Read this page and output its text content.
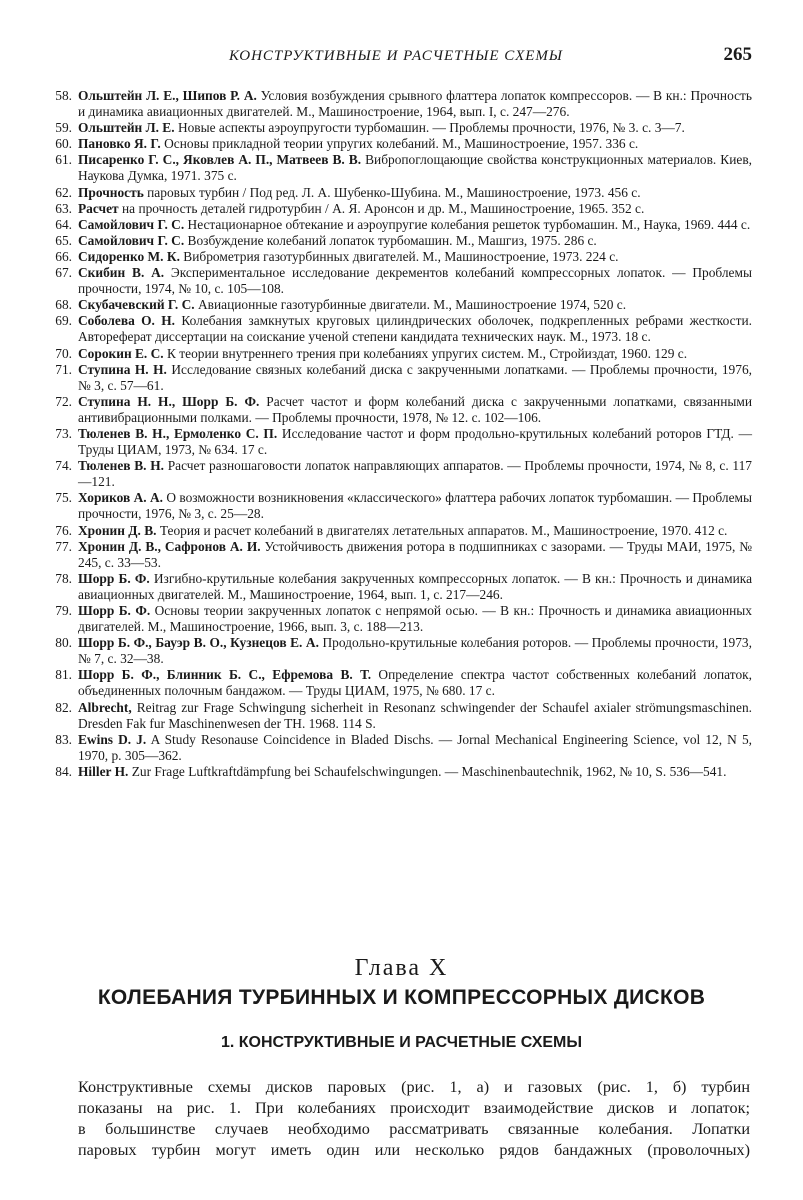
КОНСТРУКТИВНЫЕ И РАСЧЕТНЫЕ СХЕМЫ	265
58. Ольштейн Л. Е., Шипов Р. А. Условия возбуждения срывного флаттера лопаток компрессоров. — В кн.: Прочность и динамика авиационных двигателей. М., Машиностроение, 1964, вып. I, с. 247—276.
59. Ольштейн Л. Е. Новые аспекты аэроупругости турбомашин. — Проблемы прочности, 1976, № 3. с. 3—7.
60. Пановко Я. Г. Основы прикладной теории упругих колебаний. М., Машиностроение, 1957. 336 с.
61. Писаренко Г. С., Яковлев А. П., Матвеев В. В. Вибропоглощающие свойства конструкционных материалов. Киев, Наукова Думка, 1971. 375 с.
62. Прочность паровых турбин / Под ред. Л. А. Шубенко-Шубина. М., Машиностроение, 1973. 456 с.
63. Расчет на прочность деталей гидротурбин / А. Я. Аронсон и др. М., Машиностроение, 1965. 352 с.
64. Самойлович Г. С. Нестационарное обтекание и аэроупругие колебания решеток турбомашин. М., Наука, 1969. 444 с.
65. Самойлович Г. С. Возбуждение колебаний лопаток турбомашин. М., Машгиз, 1975. 286 с.
66. Сидоренко М. К. Виброметрия газотурбинных двигателей. М., Машиностроение, 1973. 224 с.
67. Скибин В. А. Экспериментальное исследование декрементов колебаний компрессорных лопаток. — Проблемы прочности, 1974, № 10, с. 105—108.
68. Скубачевский Г. С. Авиационные газотурбинные двигатели. М., Машиностроение 1974, 520 с.
69. Соболева О. Н. Колебания замкнутых круговых цилиндрических оболочек, подкрепленных ребрами жесткости. Автореферат диссертации на соискание ученой степени кандидата технических наук. М., 1973. 18 с.
70. Сорокин Е. С. К теории внутреннего трения при колебаниях упругих систем. М., Стройиздат, 1960. 129 с.
71. Ступина Н. Н. Исследование связных колебаний диска с закрученными лопатками. — Проблемы прочности, 1976, № 3, с. 57—61.
72. Ступина Н. Н., Шорр Б. Ф. Расчет частот и форм колебаний диска с закрученными лопатками, связанными антивибрационными полками. — Проблемы прочности, 1978, № 12. с. 102—106.
73. Тюленев В. Н., Ермоленко С. П. Исследование частот и форм продольно-крутильных колебаний роторов ГТД. — Труды ЦИАМ, 1973, № 634. 17 с.
74. Тюленев В. Н. Расчет разношаговости лопаток направляющих аппаратов. — Проблемы прочности, 1974, № 8, с. 117—121.
75. Хориков А. А. О возможности возникновения «классического» флаттера рабочих лопаток турбомашин. — Проблемы прочности, 1976, № 3, с. 25—28.
76. Хронин Д. В. Теория и расчет колебаний в двигателях летательных аппаратов. М., Машиностроение, 1970. 412 с.
77. Хронин Д. В., Сафронов А. И. Устойчивость движения ротора в подшипниках с зазорами. — Труды МАИ, 1975, № 245, с. 33—53.
78. Шорр Б. Ф. Изгибно-крутильные колебания закрученных компрессорных лопаток. — В кн.: Прочность и динамика авиационных двигателей. М., Машиностроение, 1964, вып. 1, с. 217—246.
79. Шорр Б. Ф. Основы теории закрученных лопаток с непрямой осью. — В кн.: Прочность и динамика авиационных двигателей. М., Машиностроение, 1966, вып. 3, с. 188—213.
80. Шорр Б. Ф., Бауэр В. О., Кузнецов Е. А. Продольно-крутильные колебания роторов. — Проблемы прочности, 1973, № 7, с. 32—38.
81. Шорр Б. Ф., Блинник Б. С., Ефремова В. Т. Определение спектра частот собственных колебаний лопаток, объединенных полочным бандажом. — Труды ЦИАМ, 1975, № 680. 17 с.
82. Albrecht, Reitrag zur Frage Schwingung sicherheit in Resonanz schwingender der Schaufel axialer strömungsmaschinen. Dresden Fak fur Maschinenwesen der TH. 1968. 114 S.
83. Ewins D. J. A Study Resonause Coincidence in Bladed Dischs. — Jornal Mechanical Engineering Science, vol 12, N 5, 1970, p. 305—362.
84. Hiller H. Zur Frage Luftkraftdämpfung bei Schaufelschwingungen. — Maschinenbautechnik, 1962, № 10, S. 536—541.
Глава X
КОЛЕБАНИЯ ТУРБИННЫХ И КОМПРЕССОРНЫХ ДИСКОВ
1. КОНСТРУКТИВНЫЕ И РАСЧЕТНЫЕ СХЕМЫ
Конструктивные схемы дисков паровых (рис. 1, а) и газовых (рис. 1, б) турбин
показаны на рис. 1. При колебаниях происходит взаимодействие дисков и лопаток;
в большинстве случаев необходимо рассматривать связанные колебания. Лопатки
паровых турбин могут иметь один или несколько рядов бандажных (проволочных)
